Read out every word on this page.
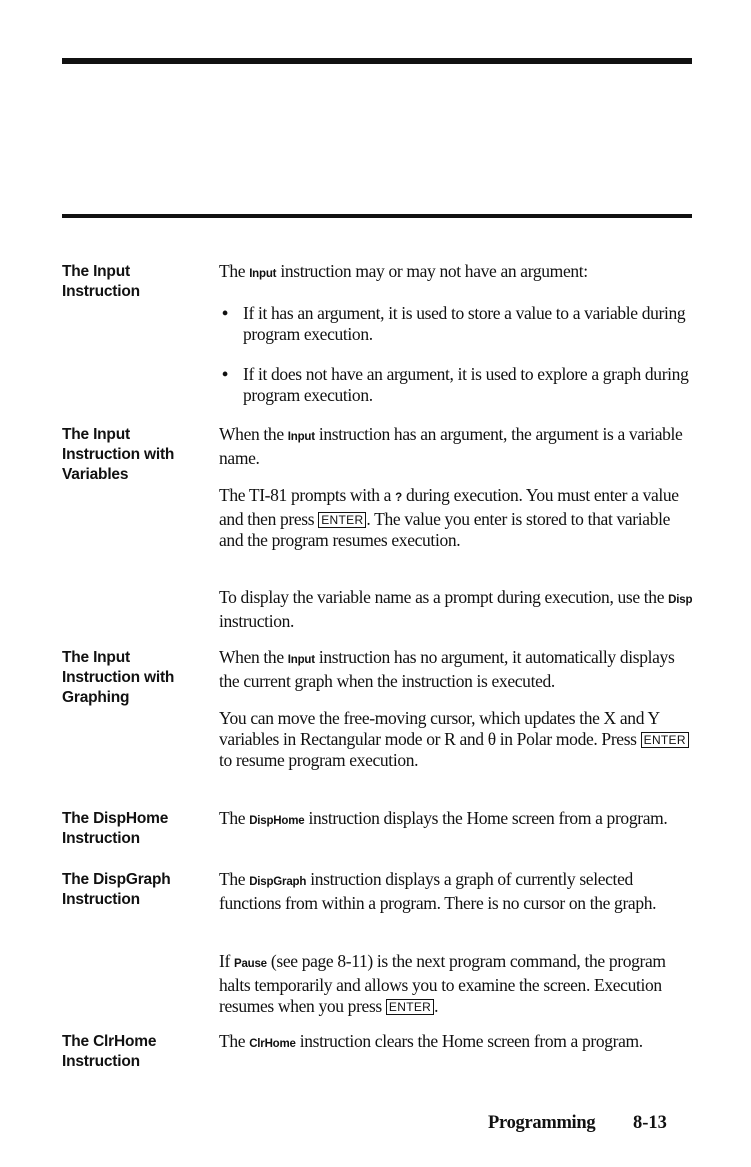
The Input
Instruction

The Input instruction may or may not have an argument:

• If it has an argument, it is used to store a value to a variable during program execution.
• If it does not have an argument, it is used to explore a graph during program execution.
The Input
Instruction with
Variables

When the Input instruction has an argument, the argument is a variable name.

The TI-81 prompts with a ? during execution. You must enter a value and then press ENTER . The value you enter is stored to that variable and the program resumes execution.

To display the variable name as a prompt during execution, use the Disp instruction.

The Input
Instruction with
Graphing

When the Input instruction has no argument, it automatically displays the current graph when the instruction is executed.

You can move the free-moving cursor, which updates the X and Y variables in Rectangular mode or R and θ in Polar mode. Press ENTER to resume program execution.

The DispHome
Instruction

The DispHome instruction displays the Home screen from a program.

The DispGraph
Instruction

The DispGraph instruction displays a graph of currently selected functions from within a program. There is no cursor on the graph.

If Pause (see page 8-11) is the next program command, the program halts temporarily and allows you to examine the screen. Execution resumes when you press ENTER .

The ClrHome
Instruction

The ClrHome instruction clears the Home screen from a program.

Programming 8-13
